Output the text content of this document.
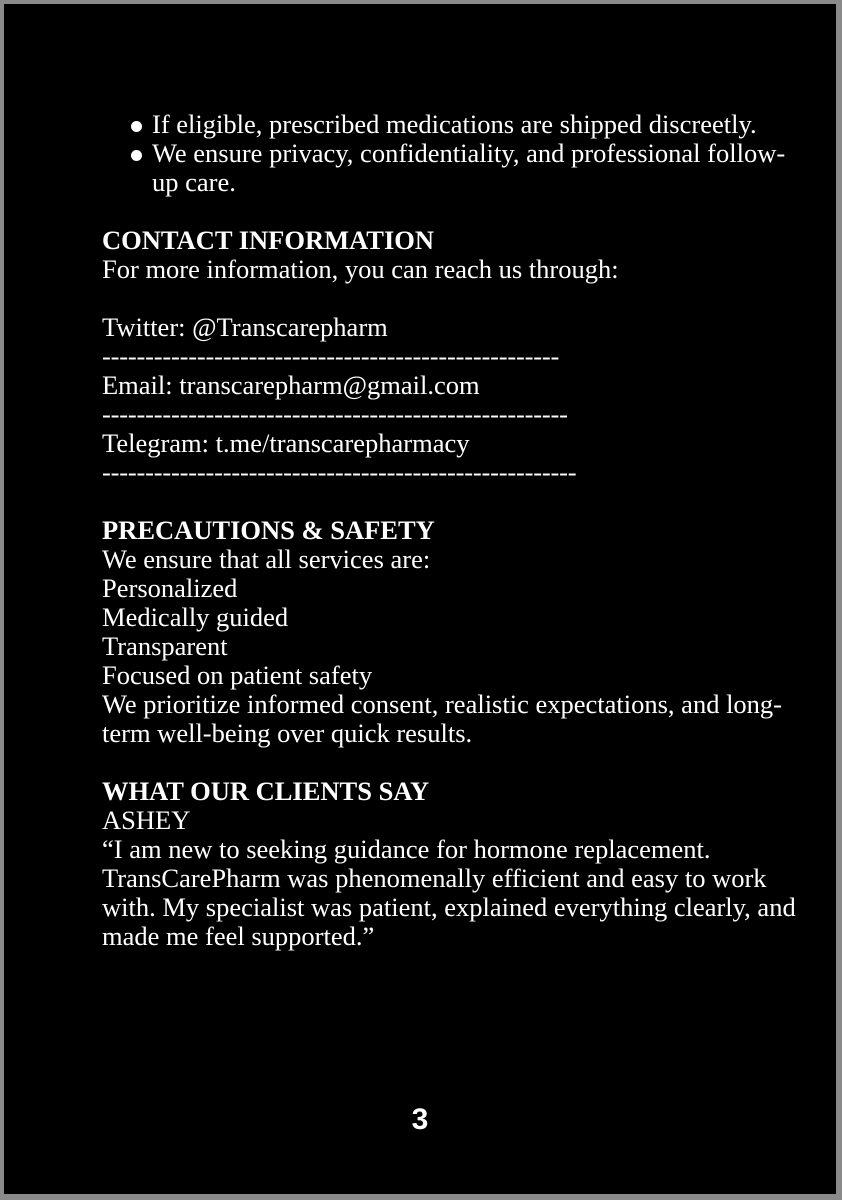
If eligible, prescribed medications are shipped discreetly.
We ensure privacy, confidentiality, and professional follow-up care.
CONTACT INFORMATION
For more information, you can reach us through:
Twitter: @Transcarepharm
-----------------------------------------------------
Email: transcarepharm@gmail.com
------------------------------------------------------
Telegram: t.me/transcarepharmacy
-------------------------------------------------------
PRECAUTIONS & SAFETY
We ensure that all services are:
Personalized
Medically guided
Transparent
Focused on patient safety
We prioritize informed consent, realistic expectations, and long-term well-being over quick results.
WHAT OUR CLIENTS SAY
ASHEY
“I am new to seeking guidance for hormone replacement. TransCarePharm was phenomenally efficient and easy to work with. My specialist was patient, explained everything clearly, and made me feel supported.”
3
